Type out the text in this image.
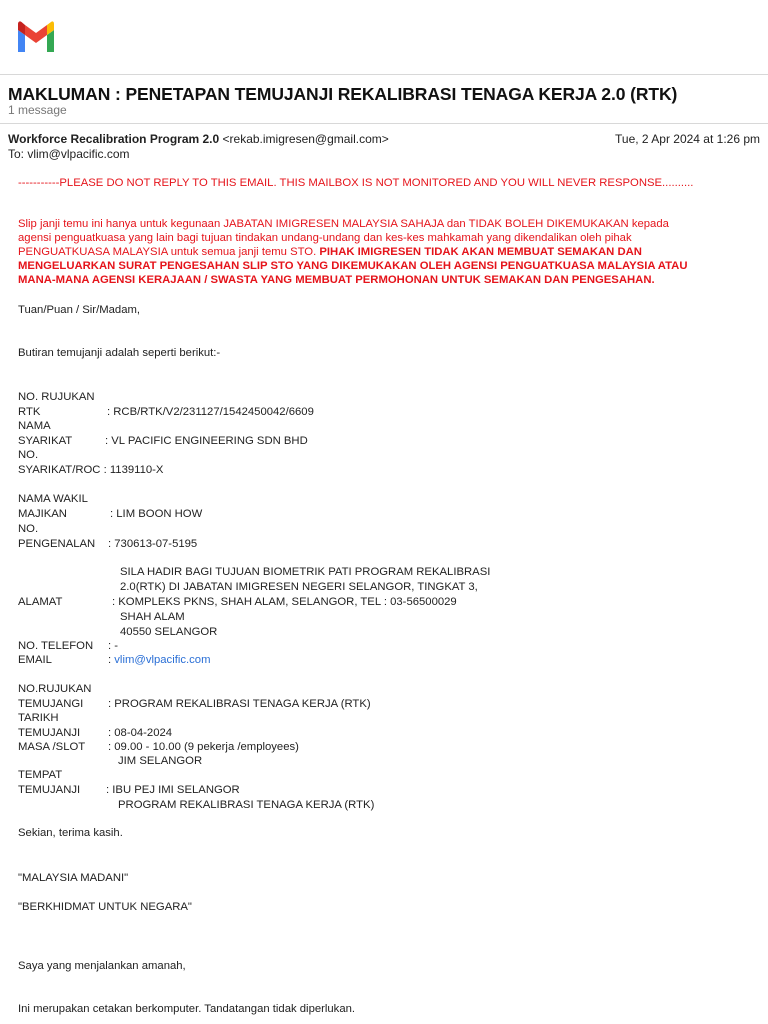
MAKLUMAN : PENETAPAN TEMUJANJI REKALIBRASI TENAGA KERJA 2.0 (RTK)
1 message
Workforce Recalibration Program 2.0 <rekab.imigresen@gmail.com>	Tue, 2 Apr 2024 at 1:26 pm
To: vlim@vlpacific.com
-----------PLEASE DO NOT REPLY TO THIS EMAIL. THIS MAILBOX IS NOT MONITORED AND YOU WILL NEVER RESPONSE..........
Slip janji temu ini hanya untuk kegunaan JABATAN IMIGRESEN MALAYSIA SAHAJA dan TIDAK BOLEH DIKEMUKAKAN kepada
agensi penguatkuasa yang lain bagi tujuan tindakan undang-undang dan kes-kes mahkamah yang dikendalikan oleh pihak
PENGUATKUASA MALAYSIA untuk semua janji temu STO. PIHAK IMIGRESEN TIDAK AKAN MEMBUAT SEMAKAN DAN
MENGELUARKAN SURAT PENGESAHAN SLIP STO YANG DIKEMUKAKAN OLEH AGENSI PENGUATKUASA MALAYSIA ATAU
MANA-MANA AGENSI KERAJAAN / SWASTA YANG MEMBUAT PERMOHONAN UNTUK SEMAKAN DAN PENGESAHAN.
Tuan/Puan / Sir/Madam,
Butiran temujanji adalah seperti berikut:-
NO. RUJUKAN
RTK	: RCB/RTK/V2/231127/1542450042/6609
NAMA
SYARIKAT	: VL PACIFIC ENGINEERING SDN BHD
NO.
SYARIKAT/ROC : 1139110-X
NAMA WAKIL
MAJIKAN	: LIM BOON HOW
NO.
PENGENALAN : 730613-07-5195
SILA HADIR BAGI TUJUAN BIOMETRIK PATI PROGRAM REKALIBRASI
2.0(RTK) DI JABATAN IMIGRESEN NEGERI SELANGOR, TINGKAT 3,
ALAMAT	: KOMPLEKS PKNS, SHAH ALAM, SELANGOR, TEL : 03-56500029
SHAH ALAM
40550 SELANGOR
NO. TELEFON : -
EMAIL	: vlim@vlpacific.com
NO.RUJUKAN
TEMUJANGI : PROGRAM REKALIBRASI TENAGA KERJA (RTK)
TARIKH
TEMUJANJI : 08-04-2024
MASA /SLOT : 09.00 - 10.00 (9 pekerja /employees)
JIM SELANGOR
TEMPAT
TEMUJANJI : IBU PEJ IMI SELANGOR
PROGRAM REKALIBRASI TENAGA KERJA (RTK)
Sekian, terima kasih.
"MALAYSIA MADANI"
"BERKHIDMAT UNTUK NEGARA"
Saya yang menjalankan amanah,
Ini merupakan cetakan berkomputer. Tandatangan tidak diperlukan.
